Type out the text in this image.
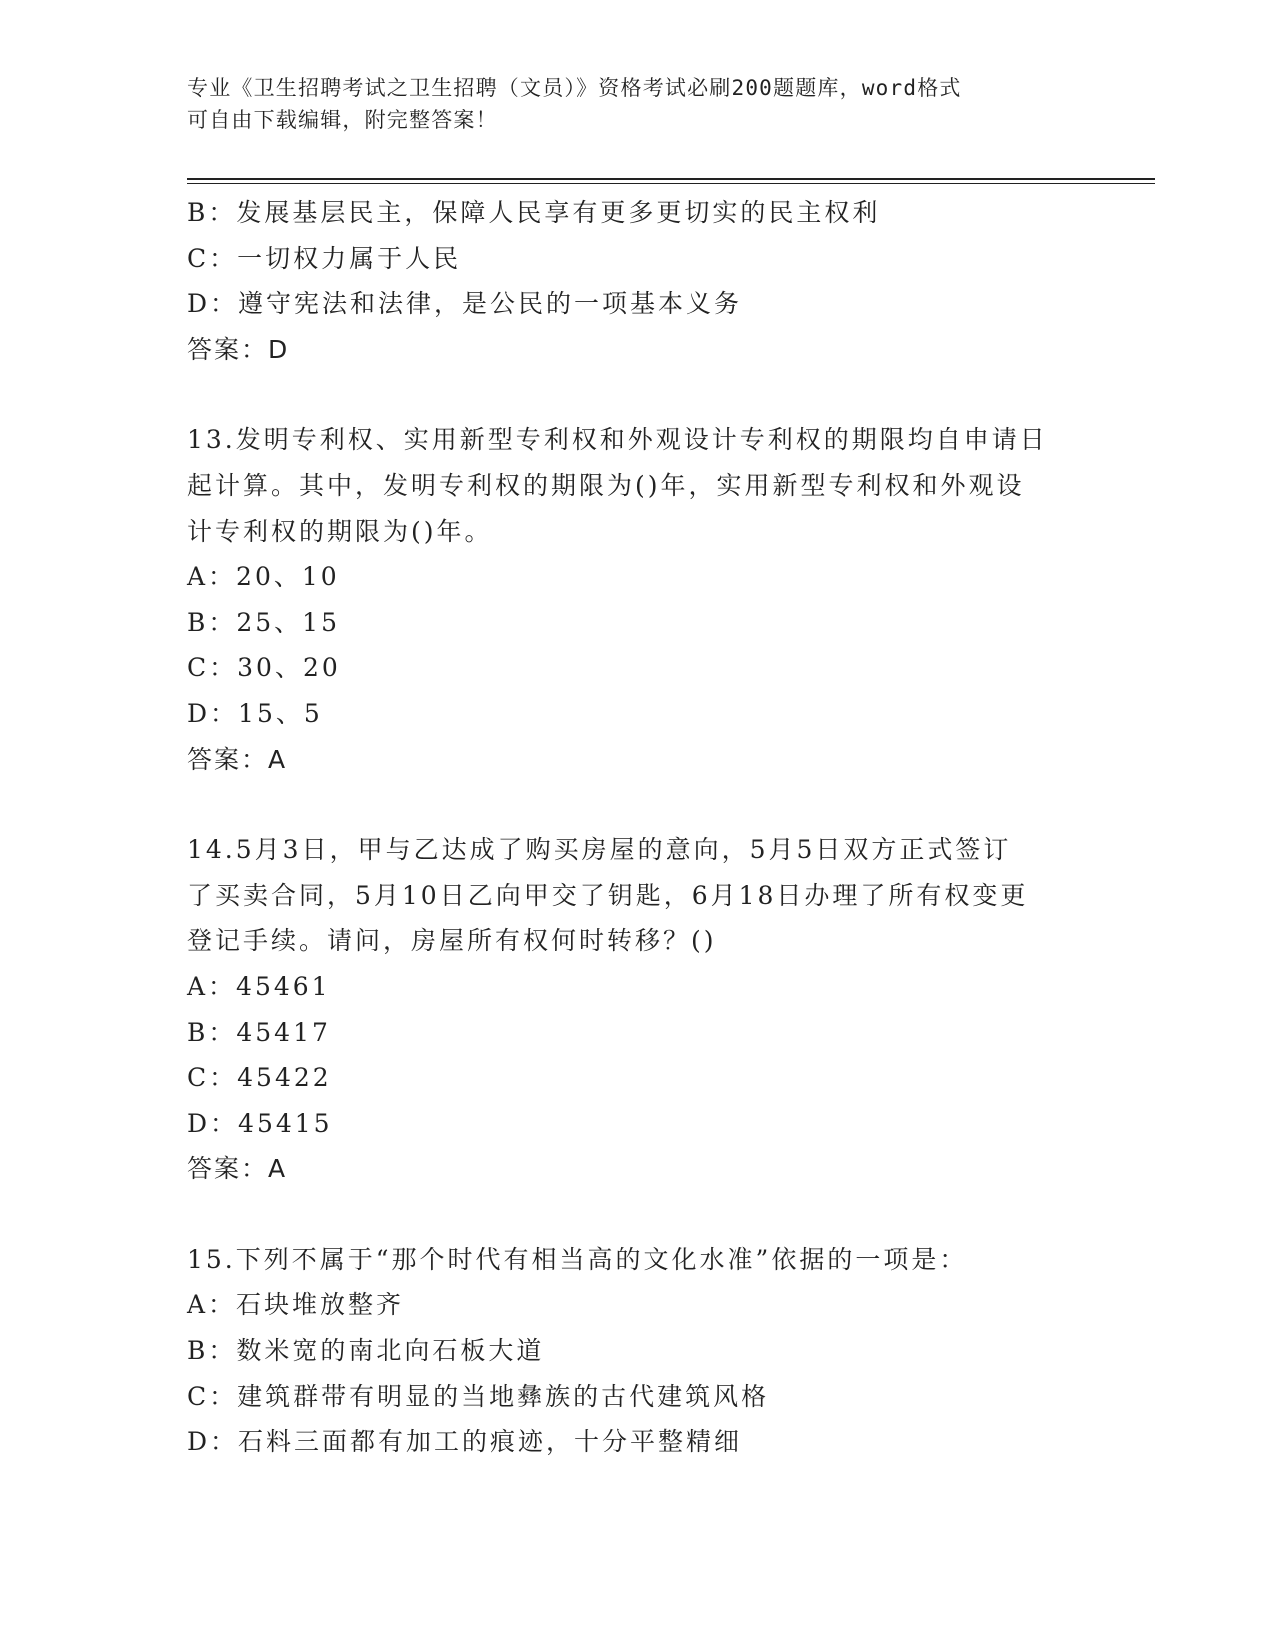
专业《卫生招聘考试之卫生招聘（文员）》资格考试必刷200题题库，word格式
可自由下载编辑，附完整答案！
B：发展基层民主，保障人民享有更多更切实的民主权利
C：一切权力属于人民
D：遵守宪法和法律，是公民的一项基本义务
答案：D
13.发明专利权、实用新型专利权和外观设计专利权的期限均自申请日
起计算。其中，发明专利权的期限为()年，实用新型专利权和外观设
计专利权的期限为()年。
A：20、10
B：25、15
C：30、20
D：15、5
答案：A
14.5月3日，甲与乙达成了购买房屋的意向，5月5日双方正式签订
了买卖合同，5月10日乙向甲交了钥匙，6月18日办理了所有权变更
登记手续。请问，房屋所有权何时转移？()
A：45461
B：45417
C：45422
D：45415
答案：A
15.下列不属于“那个时代有相当高的文化水准”依据的一项是：
A：石块堆放整齐
B：数米宽的南北向石板大道
C：建筑群带有明显的当地彝族的古代建筑风格
D：石料三面都有加工的痕迹，十分平整精细
